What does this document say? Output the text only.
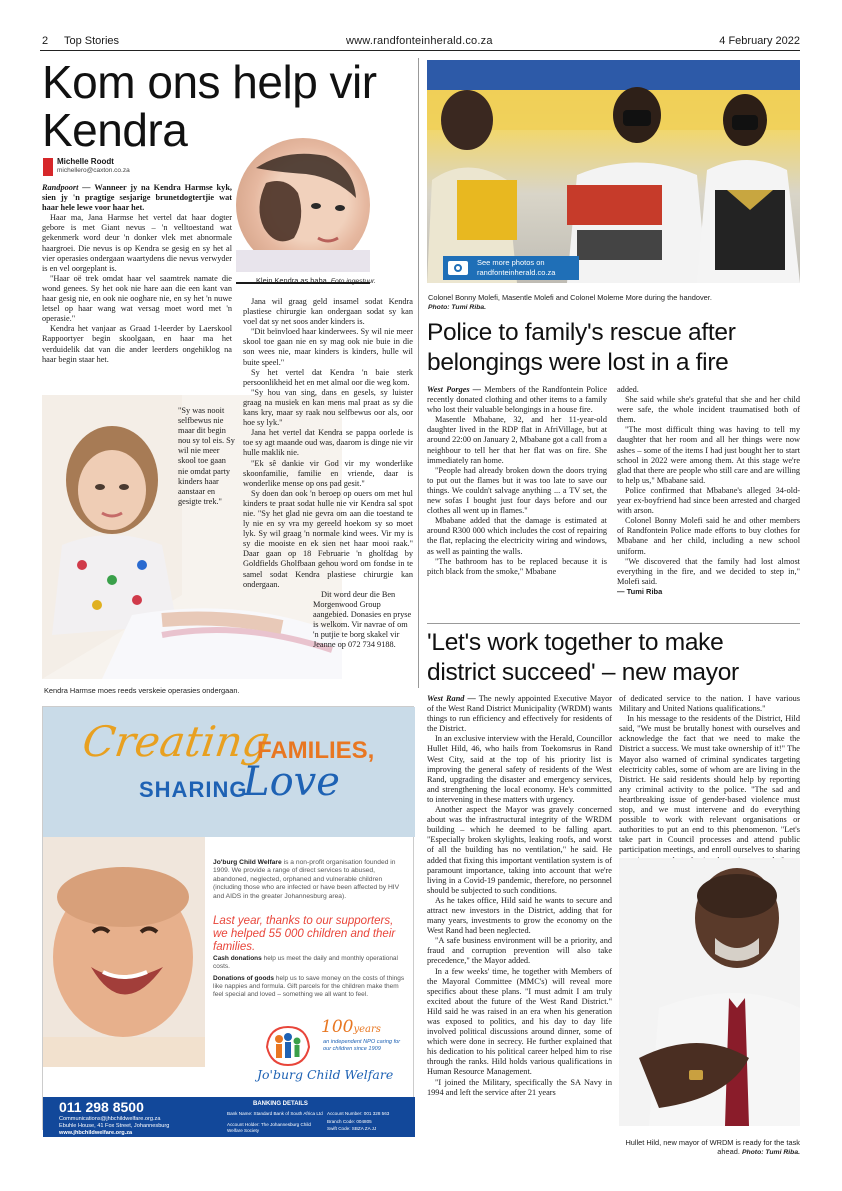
2 Top Stories	www.randfonteinherald.co.za	4 February 2022
Kom ons help vir
Kendra
Michelle Roodt
michellero@caxton.co.za
Klein Kendra as baba. Foto ingestuur.

Randpoort — Wanneer jy na Kendra Harmse kyk, sien jy 'n pragtige sesjarige brunetdogtertjie wat haar hele lewe voor haar het.

Haar ma, Jana Harmse het vertel dat haar dogter gebore is met Giant nevus – 'n velltoestand wat gekenmerk word deur 'n donker vlek met abnormale haargroei. Die nevus is op Kendra se gesig en sy het al vier operasies ondergaan waartydens die nevus verwyder is en vel oorgeplant is.

"Haar oë trek omdat haar vel saamtrek namate die wond genees. Sy het ook nie hare aan die een kant van haar gesig nie, en ook nie ooghare nie, en sy het 'n nuwe letsel op haar wang wat versag moet word met 'n operasie."

Kendra het vanjaar as Graad 1-leerder by Laerskool Rappoortyer begin skoolgaan, en haar ma het verduidelik dat van die ander leerders ongehiklog na haar begin staar het.

"Sy was nooit selfbewus nie maar dit begin nou sy tol eis. Sy wil nie meer skool toe gaan nie omdat party kinders haar aanstaar en gesigte trek."

Jana wil graag geld insamel sodat Kendra plastiese chirurgie kan ondergaan sodat sy kan voel dat sy net soos ander kinders is.

"Dit beïnvloed haar kinderwees. Sy wil nie meer skool toe gaan nie en sy mag ook nie buie in die son wees nie, maar kinders is kinders, hulle wil buite speel."

Sy het vertel dat Kendra 'n baie sterk persoonlikheid het en met almal oor die weg kom.

"Sy hou van sing, dans en gesels, sy luister graag na musiek en kan mens mal praat as sy die kans kry, maar sy raak nou selfbewus oor als, oor hoe sy lyk."

Jana het vertel dat Kendra se pappa oorlede is toe sy agt maande oud was, daarom is dinge nie vir hulle maklik nie.

"Ek sê dankie vir God vir my wonderlike skoonfamilie, familie en vriende, daar is wonderlike mense op ons pad gesit."

Sy doen dan ook 'n beroep op ouers om met hul kinders te praat sodat hulle nie vir Kendra sal spot nie. "Sy het glad nie gevra om aan die toestand te ly nie en sy vra my gereeld hoekom sy so moet lyk. Sy wil graag 'n normale kind wees. Vir my is sy die mooiste en ek sien net haar mooi raak." Daar gaan op 18 Februarie 'n gholfdag by Goldfields Gholfbaan gehou word om fondse in te samel sodat Kendra plastiese chirurgie kan ondergaan.

Dit word deur die Ben Morgenwood Group aangebied. Donasies en pryse is welkom. Vir navrae of om 'n putjie te borg skakel vir Jeanne op 072 734 9188.

Kendra Harmse moes reeds verskeie operasies ondergaan.
See more photos on
randfonteinherald.co.za
Colonel Bonny Molefi, Masentle Molefi and Colonel Moleme More during the handover.
Photo: Tumi Riba.
Police to family's rescue after
belongings were lost in a fire

West Porges — Members of the Randfontein Police recently donated clothing and other items to a family who lost their valuable belongings in a house fire.

Masentle Mbabane, 32, and her 11-year-old daughter lived in the RDP flat in AfriVillage, but at around 22:00 on January 2, Mbabane got a call from a neighbour to tell her that her flat was on fire. She immediately ran home.

"People had already broken down the doors trying to put out the flames but it was too late to save our things. We couldn't salvage anything ... a TV set, the new sofas I bought just four days before and our clothes all went up in flames."

Mbabane added that the damage is estimated at around R300 000 which includes the cost of repairing the flat, replacing the electricity wiring and windows, as well as painting the walls.

"The bathroom has to be replaced because it is pitch black from the smoke," Mbabane

added.

She said while she's grateful that she and her child were safe, the whole incident traumatised both of them.

"The most difficult thing was having to tell my daughter that her room and all her things were now ashes – some of the items I had just bought her to start school in 2022 were among them. At this stage we're glad that there are people who still care and are willing to help us," Mbabane said.

Police confirmed that Mbabane's alleged 34-old-year ex-boyfriend had since been arrested and charged with arson.

Colonel Bonny Molefi said he and other members of Randfontein Police made efforts to buy clothes for Mbabane and her child, including a new school uniform.

"We discovered that the family had lost almost everything in the fire, and we decided to step in," Molefi said.

— Tumi Riba
'Let's work together to make
district succeed' – new mayor

West Rand — The newly appointed Executive Mayor of the West Rand District Municipality (WRDM) wants things to run efficiency and effectively for residents of the District.

In an exclusive interview with the Herald, Councillor Hullet Hild, 46, who hails from Toekomsrus in Rand West City, said at the top of his priority list is improving the general safety of residents of the West Rand, upgrading the disaster and emergency services, and strengthening the local economy. He's committed to intervening in these matters with urgency.

Another aspect the Mayor was gravely concerned about was the infrastructural integrity of the WRDM building – which he deemed to be falling apart. "Especially broken skylights, leaking roofs, and worst of all the building has no ventilation," he said. He added that fixing this important ventilation system is of paramount importance, taking into account that we're living in a Covid-19 pandemic, therefore, no personnel should be subjected to such conditions.

As he takes office, Hild said he wants to secure and attract new investors in the District, adding that for many years, investments to grow the economy on the West Rand had been neglected.

"A safe business environment will be a priority, and fraud and corruption prevention will also take precedence," the Mayor added.

In a few weeks' time, he together with Members of the Mayoral Committee (MMC's) will reveal more specifics about these plans. "I must admit I am truly excited about the future of the West Rand District." Hild said he was raised in an era when his generation was exposed to politics, and his day to day life involved political discussions around dinner, some of which were done in secrecy. He further explained that his dedication to his political career helped him to rise through the ranks. Hild holds various qualifications in Human Resource Management.

"I joined the Military, specifically the SA Navy in 1994 and left the service after 21 years

of dedicated service to the nation. I have various Military and United Nations qualifications."

In his message to the residents of the District, Hild said, "We must be brutally honest with ourselves and acknowledge the fact that we need to make the District a success. We must take ownership of it!" The Mayor also warned of criminal syndicates targeting electricity cables, some of whom are are living in the District. He said residents should help by reporting any criminal activity to the police. "The sad and heartbreaking issue of gender-based violence must stop, and we must intervene and do everything possible to work with relevant organisations or authorities to put an end to this phenomenon. "Let's take part in Council processes and attend public participation meetings, and enroll ourselves to sharing

Hullet Hild, new mayor of WRDM is ready for the task ahead. Photo: Tumi Riba.
Creating
FAMILIES,
SHARING
Love
Jo'burg Child Welfare is a non-profit organisation founded in 1909. We provide a range of direct services to abused, abandoned, neglected, orphaned and vulnerable children (including those who are infected or have been affected by HIV and AIDS in the greater Johannesburg area).
Last year, thanks to our supporters, we helped 55 000 children and their families.
Cash donations help us meet the daily and monthly operational costs.
Donations of goods help us to save money on the costs of things like nappies and formula. Gift parcels for the children make them feel special and loved – something we all want to feel.
100years
an independent NPO caring for our children since 1909
Jo'burg Child Welfare
011 298 8500
Communications@jhbchildwelfare.org.za
Ebuhle House, 41 Fox Street, Johannesburg
www.jhbchildwelfare.org.za
BANKING DETAILS
Bank Name: Standard Bank of South Africa Ltd
Account Holder: The Johannesburg Child Welfare Society
Account Number: 001 328 563
Branch Code: 004805
Swift Code: SBZA ZA JJ
